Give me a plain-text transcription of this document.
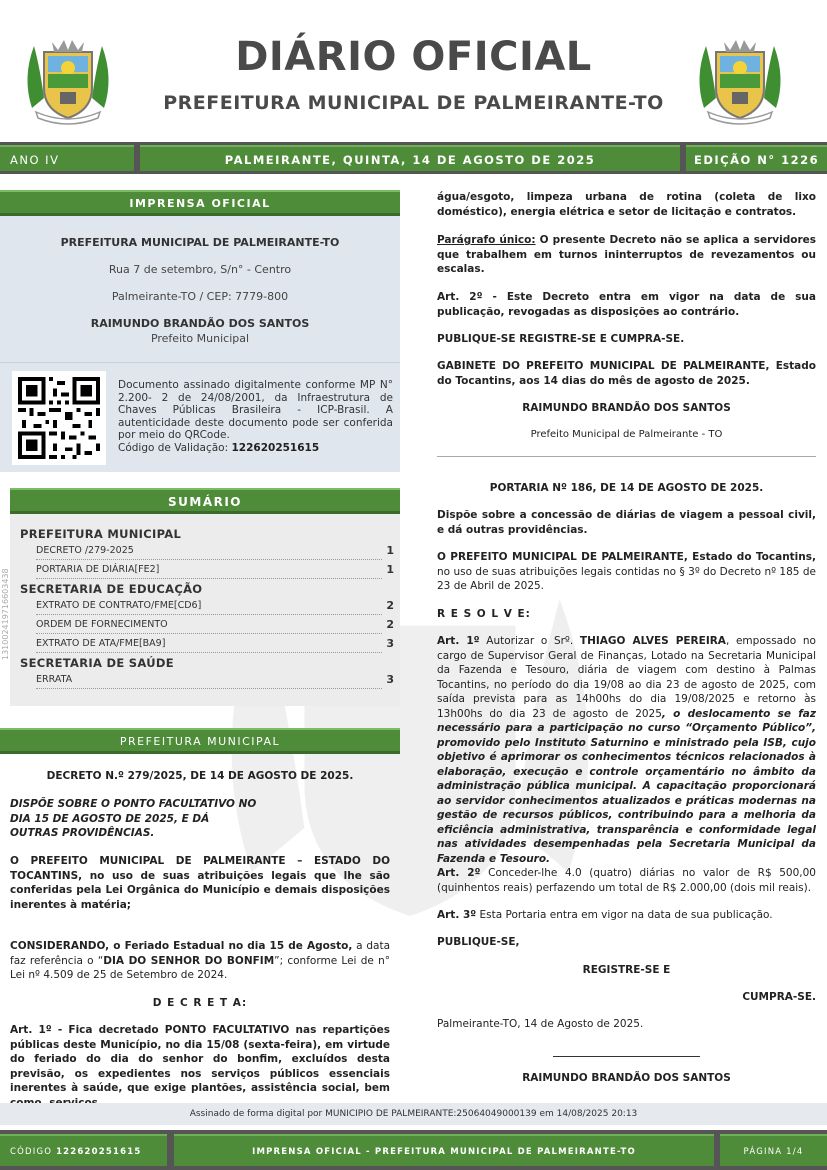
DIÁRIO OFICIAL
PREFEITURA MUNICIPAL DE PALMEIRANTE-TO
ANO IV	PALMEIRANTE, QUINTA, 14 DE AGOSTO DE 2025	EDIÇÃO N° 1226
IMPRENSA OFICIAL
PREFEITURA MUNICIPAL DE PALMEIRANTE-TO
Rua 7 de setembro, S/n° - Centro
Palmeirante-TO / CEP: 7779-800
RAIMUNDO BRANDÃO DOS SANTOS
Prefeito Municipal
Documento assinado digitalmente conforme MP N° 2.200- 2 de 24/08/2001, da Infraestrutura de Chaves Públicas Brasileira - ICP-Brasil. A autenticidade deste documento pode ser conferida por meio do QRCode.
Código de Validação: 122620251615
SUMÁRIO
PREFEITURA MUNICIPAL
DECRETO /279-2025	1
PORTARIA DE DIÁRIA[FE2]	1
SECRETARIA DE EDUCAÇÃO
EXTRATO DE CONTRATO/FME[CD6]	2
ORDEM DE FORNECIMENTO	2
EXTRATO DE ATA/FME[BA9]	3
SECRETARIA DE SAÚDE
ERRATA	3
131002419716603438
PREFEITURA MUNICIPAL
DECRETO N.º 279/2025, DE 14 DE AGOSTO DE 2025.
DISPÕE SOBRE O PONTO FACULTATIVO NO DIA 15 DE AGOSTO DE 2025, E DÁ OUTRAS PROVIDÊNCIAS.
O PREFEITO MUNICIPAL DE PALMEIRANTE – ESTADO DO TOCANTINS, no uso de suas atribuições legais que lhe são conferidas pela Lei Orgânica do Município e demais disposições inerentes à matéria;
CONSIDERANDO, o Feriado Estadual no dia 15 de Agosto, a data faz referência o “DIA DO SENHOR DO BONFIM”; conforme Lei de n° Lei nº 4.509 de 25 de Setembro de 2024.
D E C R E T A:
Art. 1º - Fica decretado PONTO FACULTATIVO nas repartições públicas deste Município, no dia 15/08 (sexta-feira), em virtude do feriado do dia do senhor do bonfim, excluídos desta previsão, os expedientes nos serviços públicos essenciais inerentes à saúde, que exige plantões, assistência social, bem
água/esgoto, limpeza urbana de rotina (coleta de lixo doméstico), energia elétrica e setor de licitação e contratos.
Parágrafo único: O presente Decreto não se aplica a servidores que trabalhem em turnos ininterruptos de revezamentos ou escalas.
Art. 2º - Este Decreto entra em vigor na data de sua publicação, revogadas as disposições ao contrário.
PUBLIQUE-SE REGISTRE-SE E CUMPRA-SE.
GABINETE DO PREFEITO MUNICIPAL DE PALMEIRANTE, Estado do Tocantins, aos 14 dias do mês de agosto de 2025.
RAIMUNDO BRANDÃO DOS SANTOS
Prefeito Municipal de Palmeirante - TO
PORTARIA Nº 186, DE 14 DE AGOSTO DE 2025.
Dispõe sobre a concessão de diárias de viagem a pessoal civil, e dá outras providências.
O PREFEITO MUNICIPAL DE PALMEIRANTE, Estado do Tocantins, no uso de suas atribuições legais contidas no § 3º do Decreto nº 185 de 23 de Abril de 2025.
R E S O L V E:
Art. 1º Autorizar o Srº. THIAGO ALVES PEREIRA, empossado no cargo de Supervisor Geral de Finanças, Lotado na Secretaria Municipal da Fazenda e Tesouro, diária de viagem com destino à Palmas Tocantins, no período do dia 19/08 ao dia 23 de agosto de 2025, com saída prevista para as 14h00hs do dia 19/08/2025 e retorno às 13h00hs do dia 23 de agosto de 2025, o deslocamento se faz necessário para a participação no curso “Orçamento Público”, promovido pelo Instituto Saturnino e ministrado pela ISB, cujo objetivo é aprimorar os conhecimentos técnicos relacionados à elaboração, execução e controle orçamentário no âmbito da administração pública municipal. A capacitação proporcionará ao servidor conhecimentos atualizados e práticas modernas na gestão de recursos públicos, contribuindo para a melhoria da eficiência administrativa, transparência e conformidade legal nas atividades desempenhadas pela Secretaria Municipal da Fazenda e Tesouro.
Art. 2º Conceder-lhe 4.0 (quatro) diárias no valor de R$ 500,00 (quinhentos reais) perfazendo um total de R$ 2.000,00 (dois mil reais).
Art. 3º Esta Portaria entra em vigor na data de sua publicação.
PUBLIQUE-SE,
REGISTRE-SE E
CUMPRA-SE.
Palmeirante-TO, 14 de Agosto de 2025.
RAIMUNDO BRANDÃO DOS SANTOS
Assinado de forma digital por MUNICIPIO DE PALMEIRANTE:25064049000139 em 14/08/2025 20:13
CÓDIGO 122620251615	IMPRENSA OFICIAL - PREFEITURA MUNICIPAL DE PALMEIRANTE-TO	PÁGINA 1/4
